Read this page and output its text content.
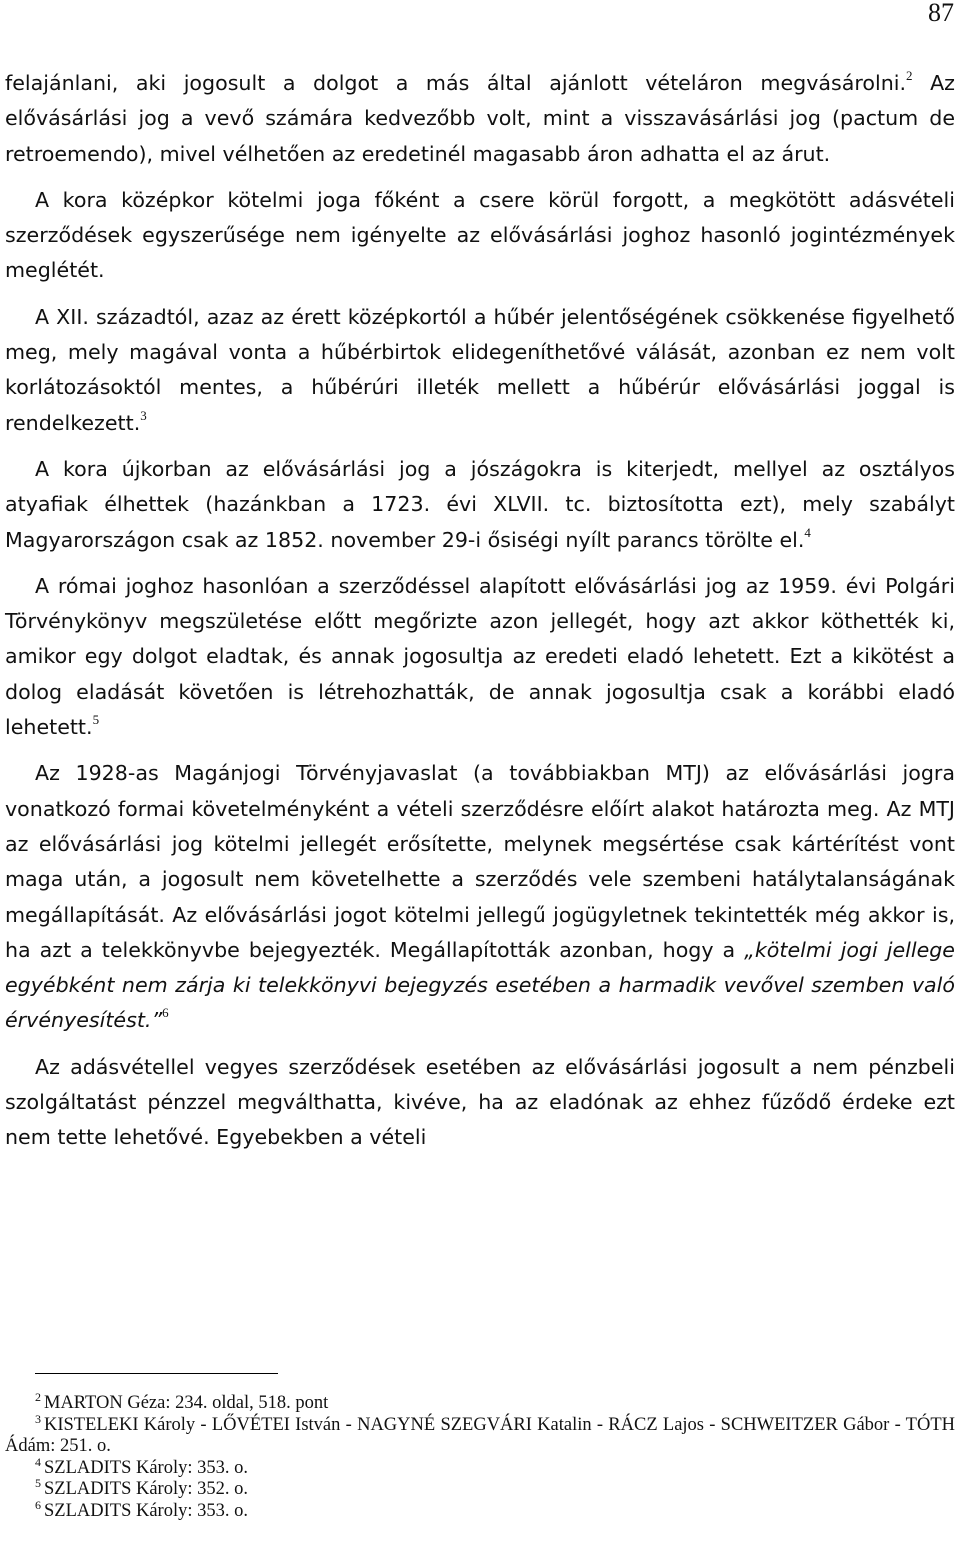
87

felajánlani, aki jogosult a dolgot a más által ajánlott vételáron megvásárolni.$^2$ Az elővásárlási jog a vevő számára kedvezőbb volt, mint a visszavásárlási jog (pactum de retroemendo), mivel vélhetően az eredetinél magasabb áron adhatta el az árut.

A kora középkor kötelmi joga főként a csere körül forgott, a megkötött adásvételi szerződések egyszerűsége nem igényelte az elővásárlási joghoz hasonló jogintézmények meglétét.

A XII. századtól, azaz az érett középkortól a hűbér jelentőségének csökkenése figyelhető meg, mely magával vonta a hűbérbirtok elidegeníthetővé válását, azonban ez nem volt korlátozásoktól mentes, a hűbérúri illeték mellett a hűbérúr elővásárlási joggal is rendelkezett.$^3$

A kora újkorban az elővásárlási jog a jószágokra is kiterjedt, mellyel az osztályos atyafiak élhettek (hazánkban a 1723. évi XLVII. tc. biztosította ezt), mely szabályt Magyarországon csak az 1852. november 29-i ősiségi nyílt parancs törölte el.$^4$

A római joghoz hasonlóan a szerződéssel alapított elővásárlási jog az 1959. évi Polgári Törvénykönyv megszületése előtt megőrizte azon jellegét, hogy azt akkor köthették ki, amikor egy dolgot eladtak, és annak jogosultja az eredeti eladó lehetett. Ezt a kikötést a dolog eladását követően is létrehozhatták, de annak jogosultja csak a korábbi eladó lehetett.$^5$

Az 1928-as Magánjogi Törvényjavaslat (a továbbiakban MTJ) az elővásárlási jogra vonatkozó formai követelményként a vételi szerződésre előírt alakot határozta meg. Az MTJ az elővásárlási jog kötelmi jellegét erősítette, melynek megsértése csak kártérítést vont maga után, a jogosult nem követelhette a szerződés vele szembeni hatálytalanságának megállapítását. Az elővásárlási jogot kötelmi jellegű jogügyletnek tekintették még akkor is, ha azt a telekkönyvbe bejegyezték. Megállapították azonban, hogy a „kötelmi jogi jellege egyébként nem zárja ki telekkönyvi bejegyzés esetében a harmadik vevővel szemben való érvényesítést.”$^6$

Az adásvétellel vegyes szerződések esetében az elővásárlási jogosult a nem pénzbeli szolgáltatást pénzzel megválthatta, kivéve, ha az eladónak az ehhez fűződő érdeke ezt nem tette lehetővé. Egyebekben a vételi

$^2$ MARTON Géza: 234. oldal, 518. pont

$^3$ KISTELEKI Károly - LŐVÉTEI István - NAGYNÉ SZEGVÁRI Katalin - RÁCZ Lajos - SCHWEITZER Gábor - TÓTH Ádám: 251. o.

$^4$ SZLADITS Károly: 353. o.

$^5$ SZLADITS Károly: 352. o.

$^6$ SZLADITS Károly: 353. o.
